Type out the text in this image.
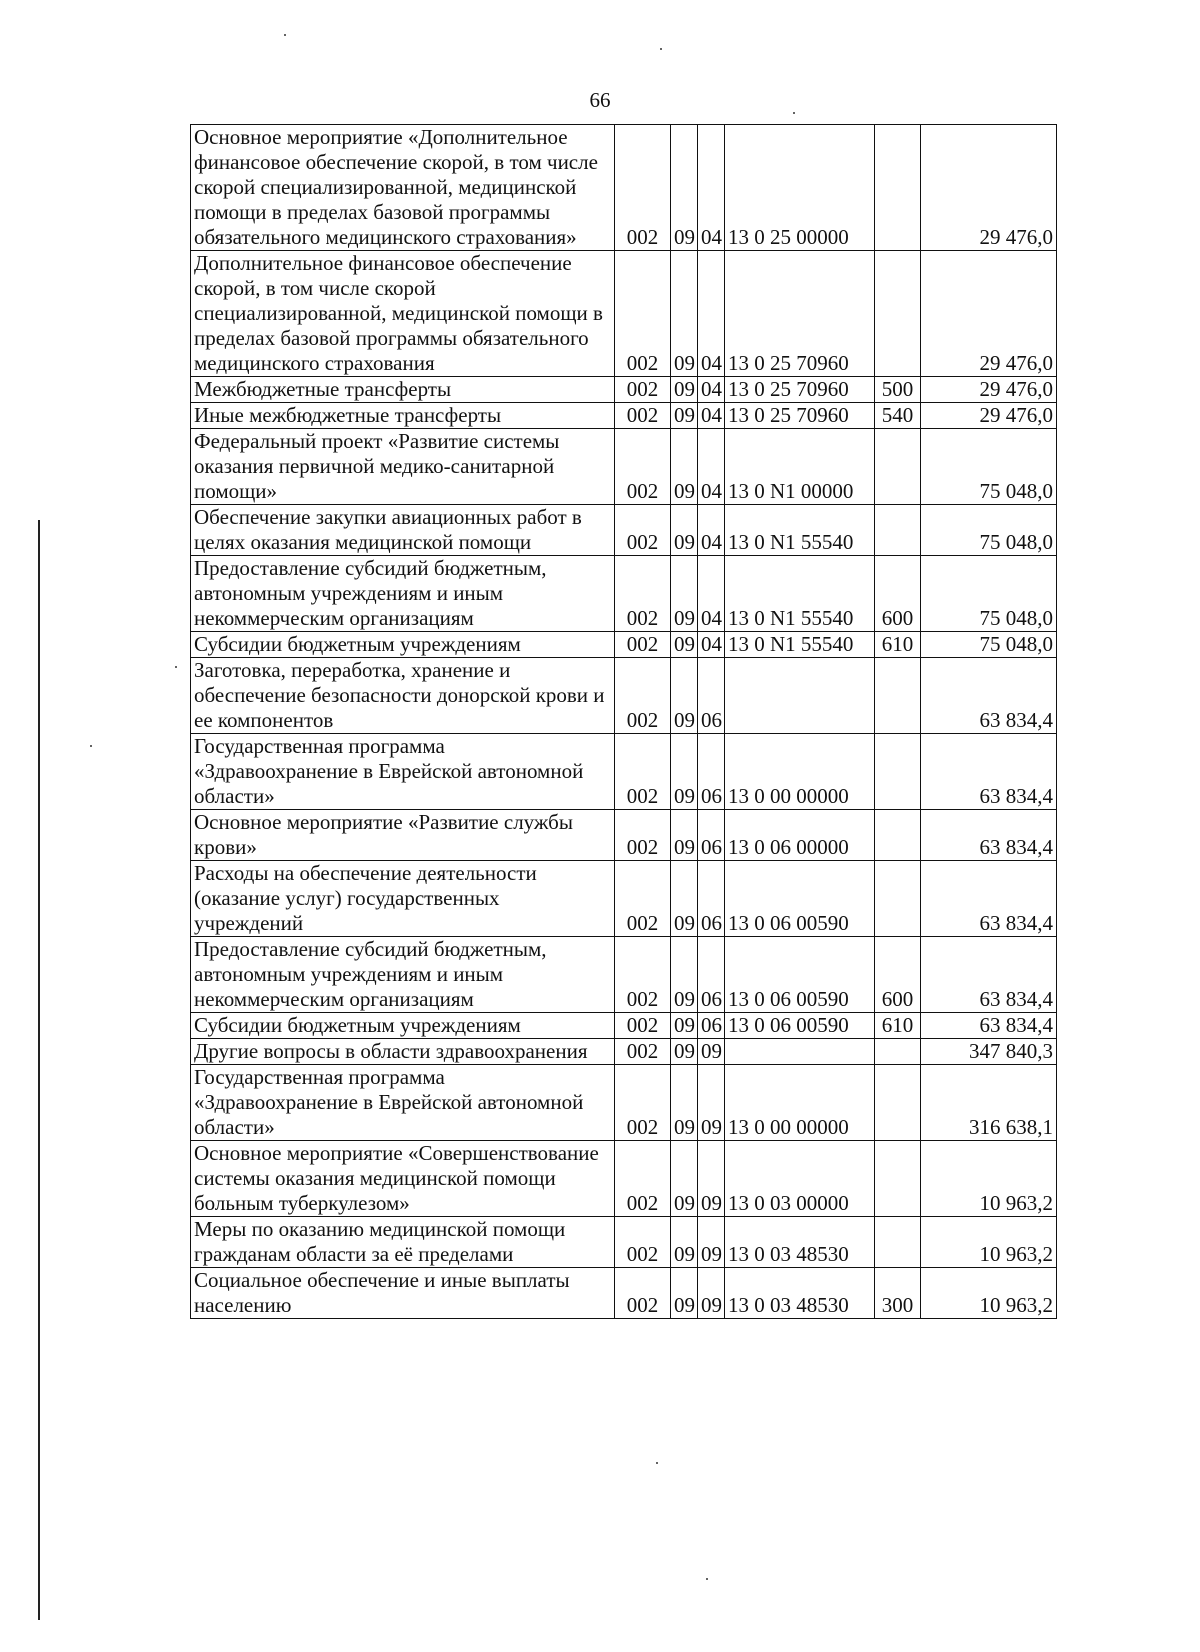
66
Основное мероприятие «Дополнительное финансовое обеспечение скорой, в том числе скорой специализированной, медицинской помощи в пределах базовой программы обязательного медицинского страхования»	002	09	04	13 0 25 00000		29 476,0
Дополнительное финансовое обеспечение скорой, в том числе скорой специализированной, медицинской помощи в пределах базовой программы обязательного медицинского страхования	002	09	04	13 0 25 70960		29 476,0
Межбюджетные трансферты	002	09	04	13 0 25 70960	500	29 476,0
Иные межбюджетные трансферты	002	09	04	13 0 25 70960	540	29 476,0
Федеральный проект «Развитие системы оказания первичной медико-санитарной помощи»	002	09	04	13 0 N1 00000		75 048,0
Обеспечение закупки авиационных работ в целях оказания медицинской помощи	002	09	04	13 0 N1 55540		75 048,0
Предоставление субсидий бюджетным, автономным учреждениям и иным некоммерческим организациям	002	09	04	13 0 N1 55540	600	75 048,0
Субсидии бюджетным учреждениям	002	09	04	13 0 N1 55540	610	75 048,0
Заготовка, переработка, хранение и обеспечение безопасности донорской крови и ее компонентов	002	09	06			63 834,4
Государственная программа «Здравоохранение в Еврейской автономной области»	002	09	06	13 0 00 00000		63 834,4
Основное мероприятие «Развитие службы крови»	002	09	06	13 0 06 00000		63 834,4
Расходы на обеспечение деятельности (оказание услуг) государственных учреждений	002	09	06	13 0 06 00590		63 834,4
Предоставление субсидий бюджетным, автономным учреждениям и иным некоммерческим организациям	002	09	06	13 0 06 00590	600	63 834,4
Субсидии бюджетным учреждениям	002	09	06	13 0 06 00590	610	63 834,4
Другие вопросы в области здравоохранения	002	09	09			347 840,3
Государственная программа «Здравоохранение в Еврейской автономной области»	002	09	09	13 0 00 00000		316 638,1
Основное мероприятие «Совершенствование системы оказания медицинской помощи больным туберкулезом»	002	09	09	13 0 03 00000		10 963,2
Меры по оказанию медицинской помощи гражданам области за её пределами	002	09	09	13 0 03 48530		10 963,2
Социальное обеспечение и иные выплаты населению	002	09	09	13 0 03 48530	300	10 963,2
